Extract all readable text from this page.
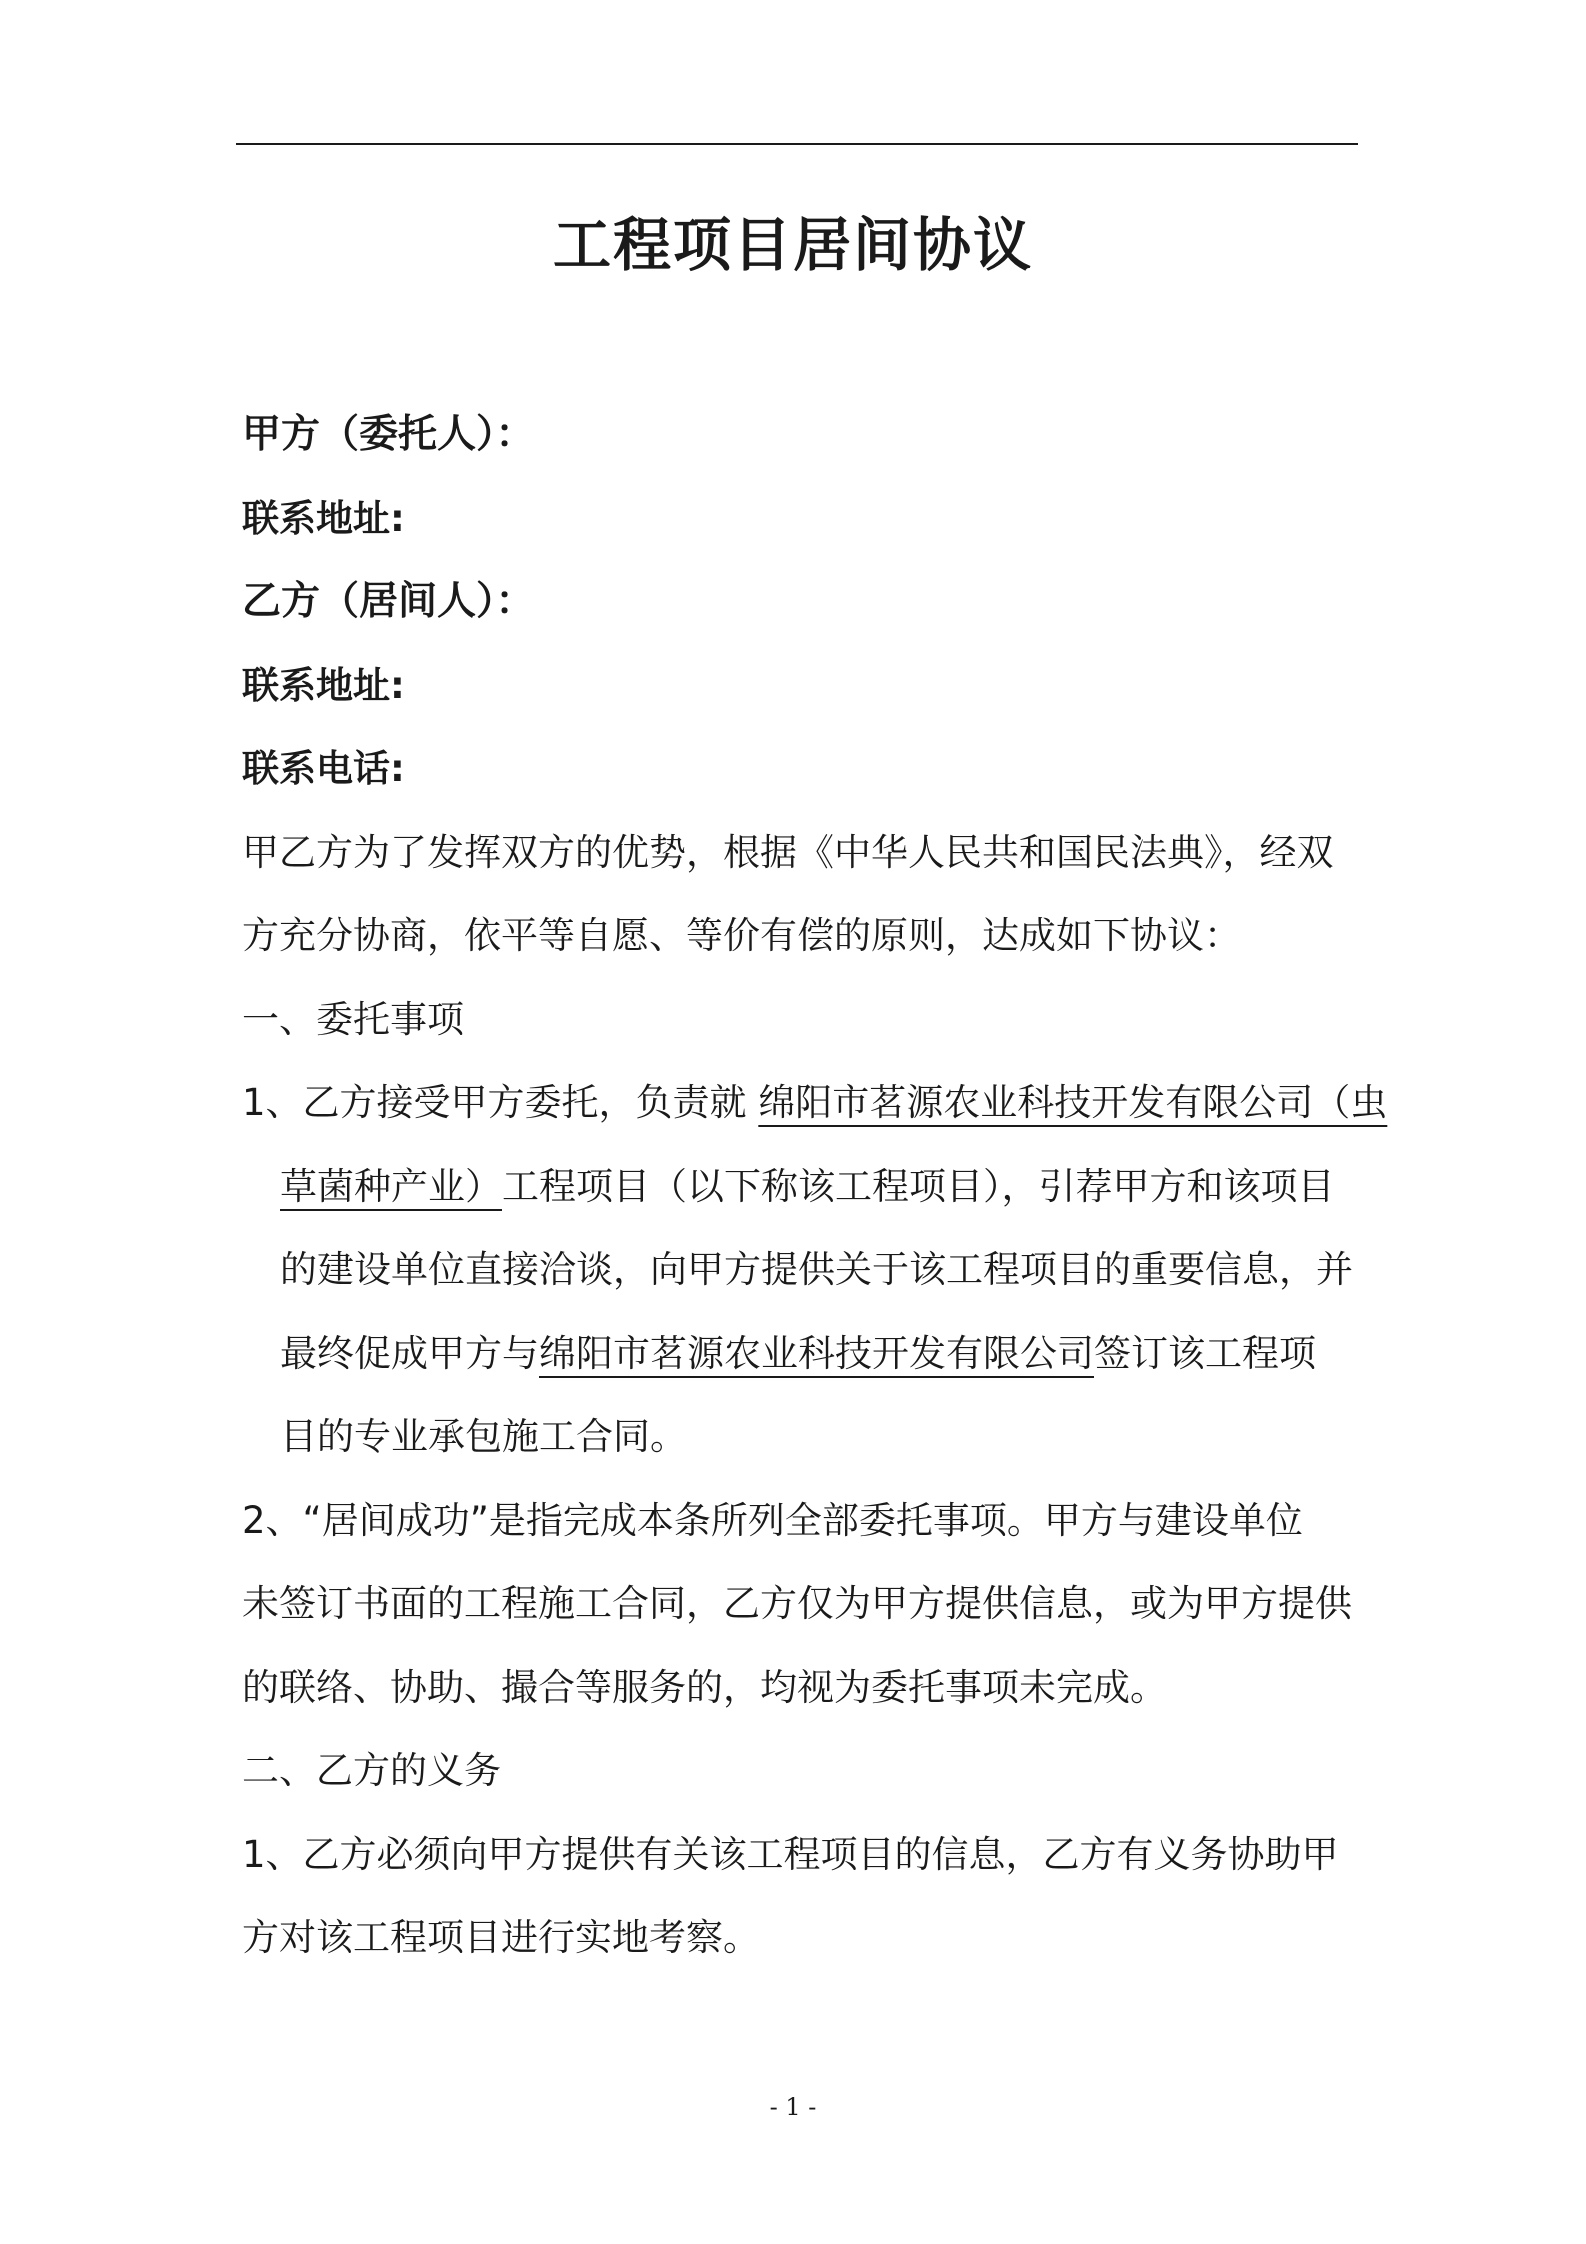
工程项目居间协议
甲方（委托人）：
联系地址:
乙方（居间人）：
联系地址:
联系电话:
甲乙方为了发挥双方的优势，根据《中华人民共和国民法典》，经双
方充分协商，依平等自愿、等价有偿的原则，达成如下协议：
一、委托事项
1、乙方接受甲方委托，负责就 绵阳市茗源农业科技开发有限公司（虫
草菌种产业）工程项目（以下称该工程项目），引荐甲方和该项目
的建设单位直接洽谈，向甲方提供关于该工程项目的重要信息，并
最终促成甲方与绵阳市茗源农业科技开发有限公司签订该工程项
目的专业承包施工合同。
2、“居间成功”是指完成本条所列全部委托事项。甲方与建设单位
未签订书面的工程施工合同，乙方仅为甲方提供信息，或为甲方提供
的联络、协助、撮合等服务的，均视为委托事项未完成。
二、乙方的义务
1、乙方必须向甲方提供有关该工程项目的信息，乙方有义务协助甲
方对该工程项目进行实地考察。
- 1 -
